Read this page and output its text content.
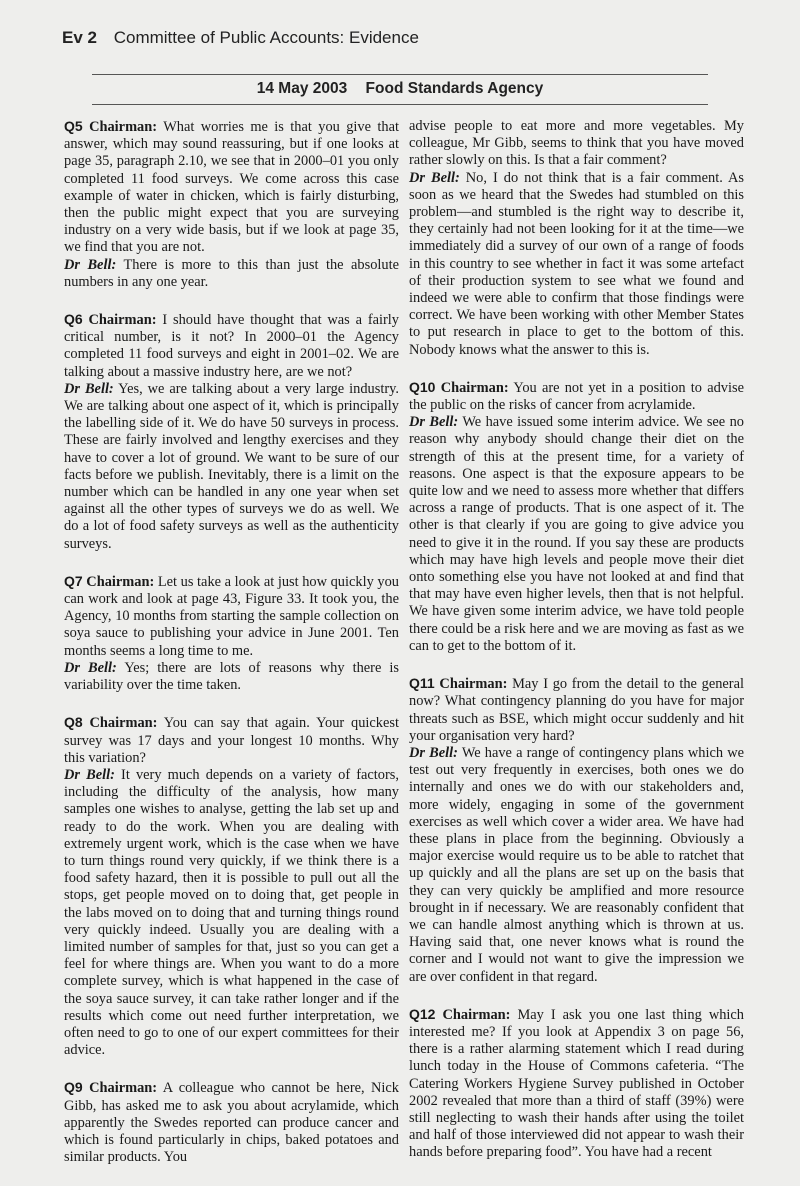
Ev 2 Committee of Public Accounts: Evidence
14 May 2003 Food Standards Agency

Q5 Chairman: What worries me is that you give that answer, which may sound reassuring, but if one looks at page 35, paragraph 2.10, we see that in 2000–01 you only completed 11 food surveys. We come across this case example of water in chicken, which is fairly disturbing, then the public might expect that you are surveying industry on a very wide basis, but if we look at page 35, we find that you are not.

Dr Bell: There is more to this than just the absolute numbers in any one year.

Q6 Chairman: I should have thought that was a fairly critical number, is it not? In 2000–01 the Agency completed 11 food surveys and eight in 2001–02. We are talking about a massive industry here, are we not?

Dr Bell: Yes, we are talking about a very large industry. We are talking about one aspect of it, which is principally the labelling side of it. We do have 50 surveys in process. These are fairly involved and lengthy exercises and they have to cover a lot of ground. We want to be sure of our facts before we publish. Inevitably, there is a limit on the number which can be handled in any one year when set against all the other types of surveys we do as well. We do a lot of food safety surveys as well as the authenticity surveys.

Q7 Chairman: Let us take a look at just how quickly you can work and look at page 43, Figure 33. It took you, the Agency, 10 months from starting the sample collection on soya sauce to publishing your advice in June 2001. Ten months seems a long time to me.

Dr Bell: Yes; there are lots of reasons why there is variability over the time taken.

Q8 Chairman: You can say that again. Your quickest survey was 17 days and your longest 10 months. Why this variation?

Dr Bell: It very much depends on a variety of factors, including the difficulty of the analysis, how many samples one wishes to analyse, getting the lab set up and ready to do the work. When you are dealing with extremely urgent work, which is the case when we have to turn things round very quickly, if we think there is a food safety hazard, then it is possible to pull out all the stops, get people moved on to doing that, get people in the labs moved on to doing that and turning things round very quickly indeed. Usually you are dealing with a limited number of samples for that, just so you can get a feel for where things are. When you want to do a more complete survey, which is what happened in the case of the soya sauce survey, it can take rather longer and if the results which come out need further interpretation, we often need to go to one of our expert committees for their advice.

Q9 Chairman: A colleague who cannot be here, Nick Gibb, has asked me to ask you about acrylamide, which apparently the Swedes reported can produce cancer and which is found particularly in chips, baked potatoes and similar products. You

advise people to eat more and more vegetables. My colleague, Mr Gibb, seems to think that you have moved rather slowly on this. Is that a fair comment?

Dr Bell: No, I do not think that is a fair comment. As soon as we heard that the Swedes had stumbled on this problem—and stumbled is the right way to describe it, they certainly had not been looking for it at the time—we immediately did a survey of our own of a range of foods in this country to see whether in fact it was some artefact of their production system to see what we found and indeed we were able to confirm that those findings were correct. We have been working with other Member States to put research in place to get to the bottom of this. Nobody knows what the answer to this is.

Q10 Chairman: You are not yet in a position to advise the public on the risks of cancer from acrylamide.

Dr Bell: We have issued some interim advice. We see no reason why anybody should change their diet on the strength of this at the present time, for a variety of reasons. One aspect is that the exposure appears to be quite low and we need to assess more whether that differs across a range of products. That is one aspect of it. The other is that clearly if you are going to give advice you need to give it in the round. If you say these are products which may have high levels and people move their diet onto something else you have not looked at and find that that may have even higher levels, then that is not helpful. We have given some interim advice, we have told people there could be a risk here and we are moving as fast as we can to get to the bottom of it.

Q11 Chairman: May I go from the detail to the general now? What contingency planning do you have for major threats such as BSE, which might occur suddenly and hit your organisation very hard?

Dr Bell: We have a range of contingency plans which we test out very frequently in exercises, both ones we do internally and ones we do with our stakeholders and, more widely, engaging in some of the government exercises as well which cover a wider area. We have had these plans in place from the beginning. Obviously a major exercise would require us to be able to ratchet that up quickly and all the plans are set up on the basis that they can very quickly be amplified and more resource brought in if necessary. We are reasonably confident that we can handle almost anything which is thrown at us. Having said that, one never knows what is round the corner and I would not want to give the impression we are over confident in that regard.

Q12 Chairman: May I ask you one last thing which interested me? If you look at Appendix 3 on page 56, there is a rather alarming statement which I read during lunch today in the House of Commons cafeteria. “The Catering Workers Hygiene Survey published in October 2002 revealed that more than a third of staff (39%) were still neglecting to wash their hands after using the toilet and half of those interviewed did not appear to wash their hands before preparing food”. You have had a recent
